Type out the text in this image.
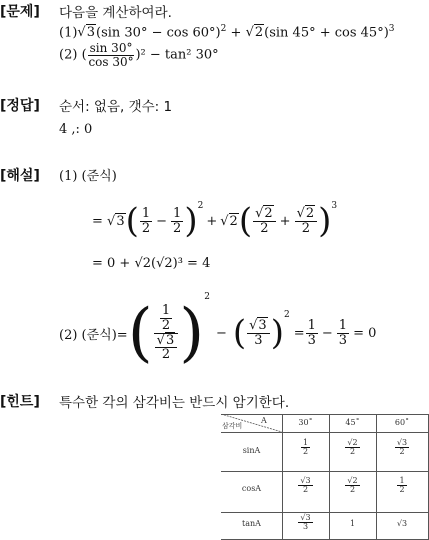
[문제] 다음을 계산하여라.
(1)√3(sin 30° − cos 60°)$^2$ + √2(sin 45° + cos 45°)$^3$
(2) ( $\frac{\sin 30^\circ}{\cos 30^\circ} )^2 - \tan^2$ 30°
[정답] 순서: 없음, 갯수: 1
4 ,: 0
[해설] (1) (준식)
= √3 ( $\frac{1}{2} - \frac{1}{2} )^2$
+ √2 ( $\frac{√2}{2} + \frac{√2}{2} )^3$
= 0 + √2(√2)³ = 4
(2) (준식)= ( $\frac{\frac{1}{2}}{\frac{√3}{2}} )^2$
− ( $\frac{√3}{3} )^2$
= $\frac{1}{3} - \frac{1}{3} = 0$
[힌트] 특수한 각의 삼각비는 반드시 암기한다.
삼각비
A	30˚	45˚	60˚
sinA	$\frac{1}{2}$	$\frac{√2}{2}$	$\frac{√3}{2}$
cosA	$\frac{√3}{2}$	$\frac{√2}{2}$	$\frac{1}{2}$
tanA	$\frac{√3}{3}$	1	√3
